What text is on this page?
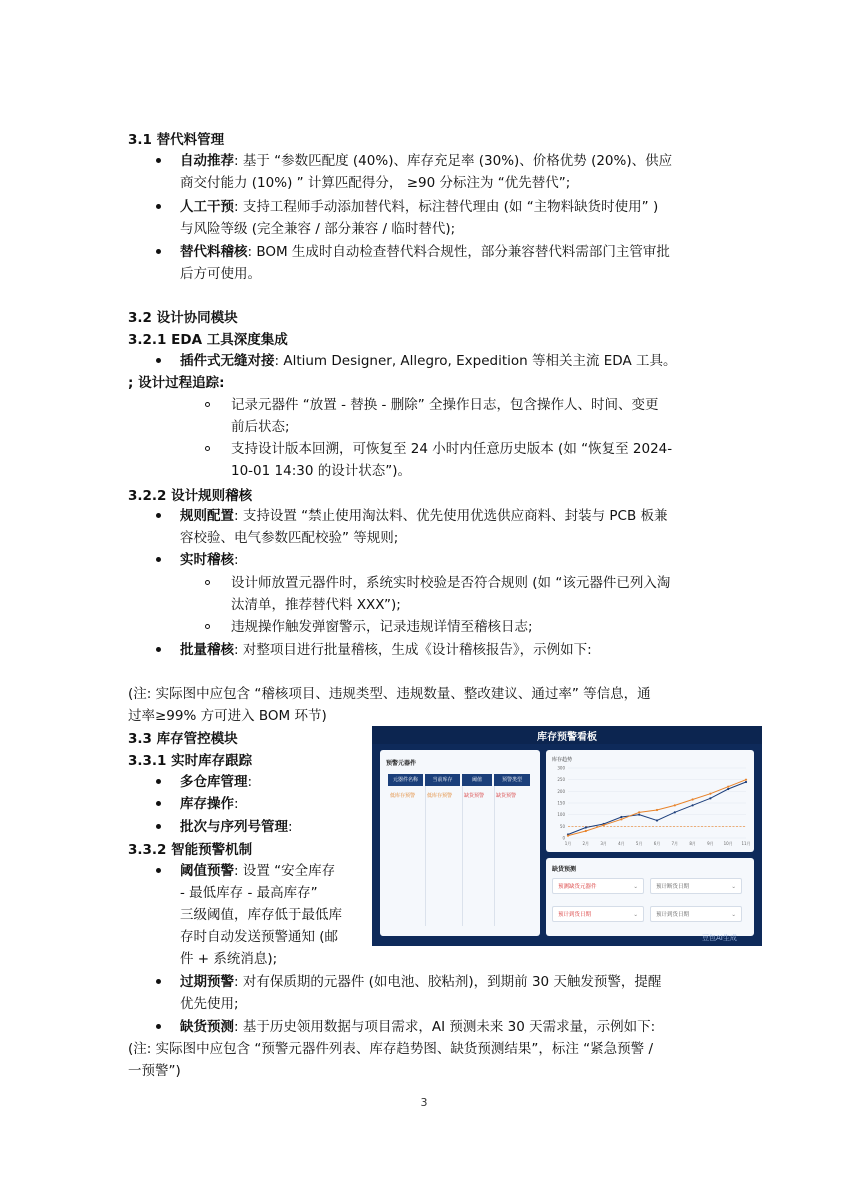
3.1 替代料管理
自动推荐: 基于 “参数匹配度 (40%)、库存充足率 (30%)、价格优势 (20%)、供应
商交付能力 (10%) ” 计算匹配得分， ≥90 分标注为 “优先替代”;
人工干预: 支持工程师手动添加替代料，标注替代理由 (如 “主物料缺货时使用” )
与风险等级 (完全兼容 / 部分兼容 / 临时替代);
替代料稽核: BOM 生成时自动检查替代料合规性，部分兼容替代料需部门主管审批
后方可使用。
3.2 设计协同模块
3.2.1 EDA 工具深度集成
插件式无缝对接: Altium Designer, Allegro, Expedition 等相关主流 EDA 工具。
; 设计过程追踪:
记录元器件 “放置 - 替换 - 删除” 全操作日志，包含操作人、时间、变更
前后状态;
支持设计版本回溯，可恢复至 24 小时内任意历史版本 (如 “恢复至 2024-
10-01 14:30 的设计状态”)。
3.2.2 设计规则稽核
规则配置: 支持设置 “禁止使用淘汰料、优先使用优选供应商料、封装与 PCB 板兼
容校验、电气参数匹配校验” 等规则;
实时稽核:
设计师放置元器件时，系统实时校验是否符合规则 (如 “该元器件已列入淘
汰清单，推荐替代料 XXX”);
违规操作触发弹窗警示，记录违规详情至稽核日志;
批量稽核: 对整项目进行批量稽核，生成《设计稽核报告》，示例如下:
(注: 实际图中应包含 “稽核项目、违规类型、违规数量、整改建议、通过率” 等信息，通
过率≥99% 方可进入 BOM 环节)
3.3 库存管控模块
3.3.1 实时库存跟踪
多仓库管理:
库存操作:
批次与序列号管理:
3.3.2 智能预警机制
阈值预警: 设置 “安全库存
- 最低库存 - 最高库存”
三级阈值，库存低于最低库
存时自动发送预警通知 (邮
件 + 系统消息);
过期预警: 对有保质期的元器件 (如电池、胶粘剂)，到期前 30 天触发预警，提醒
优先使用;
缺货预测: 基于历史领用数据与项目需求，AI 预测未来 30 天需求量，示例如下:
(注: 实际图中应包含 “预警元器件列表、库存趋势图、缺货预测结果”，标注 “紧急预警 /
一预警”)
库存预警看板
预警元器件
元器件名称	当前库存	阈值	预警类型
低库存预警 低库存预警 缺货预警 缺货预警
库存趋势
0
50
100
150
200
250
300
1月	2月	3月	4月	5月	6月	7月	8月	9月 10月 11月
缺货预测
预测缺货元器件	⌄	预计断货日期	⌄
预计到货日期	⌄	预计到货日期	⌄
豆包AI生成
3
